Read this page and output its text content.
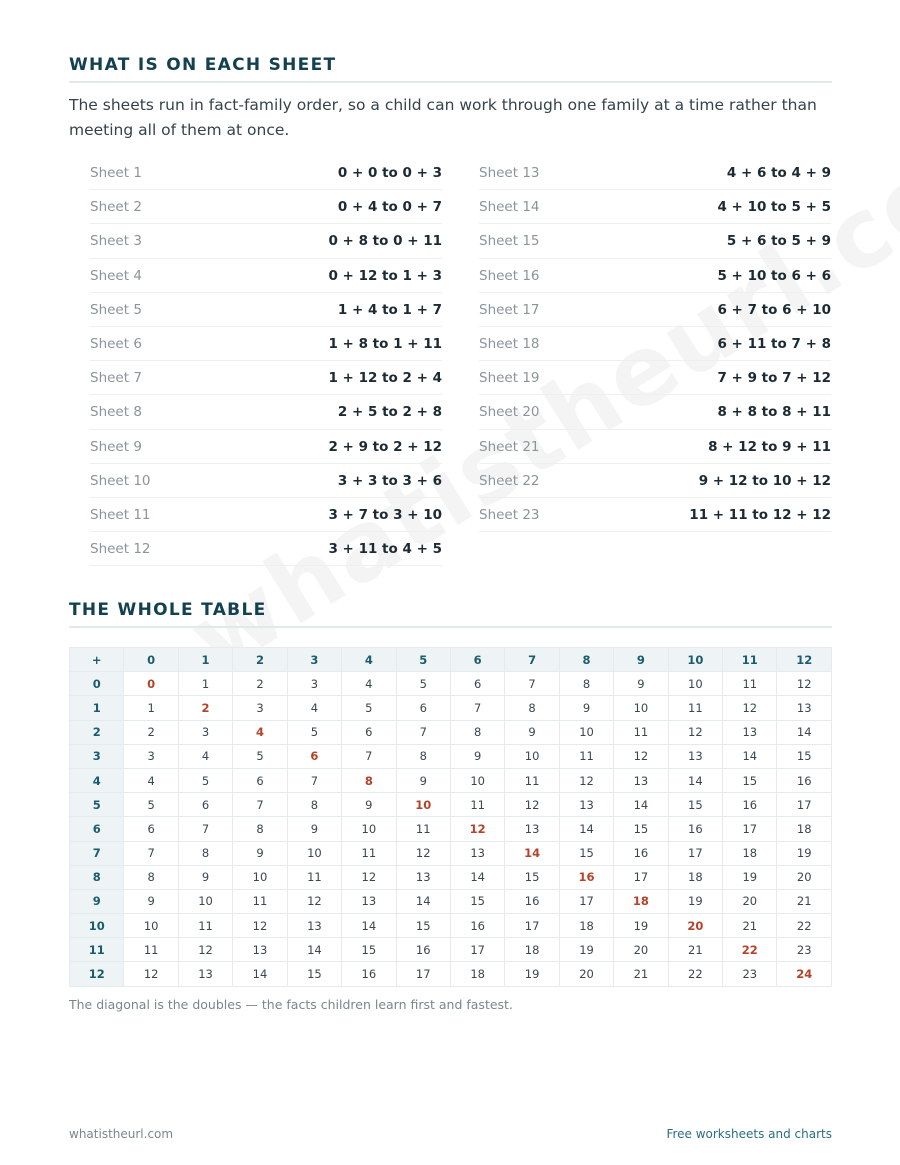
WHAT IS ON EACH SHEET

The sheets run in fact-family order, so a child can work through one family at a time rather than meeting all of them at once.

Sheet 1	0 + 0 to 0 + 3
Sheet 2	0 + 4 to 0 + 7
Sheet 3	0 + 8 to 0 + 11
Sheet 4	0 + 12 to 1 + 3
Sheet 5	1 + 4 to 1 + 7
Sheet 6	1 + 8 to 1 + 11
Sheet 7	1 + 12 to 2 + 4
Sheet 8	2 + 5 to 2 + 8
Sheet 9	2 + 9 to 2 + 12
Sheet 10	3 + 3 to 3 + 6
Sheet 11	3 + 7 to 3 + 10
Sheet 12	3 + 11 to 4 + 5
Sheet 13	4 + 6 to 4 + 9
Sheet 14	4 + 10 to 5 + 5
Sheet 15	5 + 6 to 5 + 9
Sheet 16	5 + 10 to 6 + 6
Sheet 17	6 + 7 to 6 + 10
Sheet 18	6 + 11 to 7 + 8
Sheet 19	7 + 9 to 7 + 12
Sheet 20	8 + 8 to 8 + 11
Sheet 21	8 + 12 to 9 + 11
Sheet 22	9 + 12 to 10 + 12
Sheet 23	11 + 11 to 12 + 12
THE WHOLE TABLE
+	0	1	2	3	4	5	6	7	8	9	10	11	12
0	0	1	2	3	4	5	6	7	8	9	10	11	12
1	1	2	3	4	5	6	7	8	9	10	11	12	13
2	2	3	4	5	6	7	8	9	10	11	12	13	14
3	3	4	5	6	7	8	9	10	11	12	13	14	15
4	4	5	6	7	8	9	10	11	12	13	14	15	16
5	5	6	7	8	9	10	11	12	13	14	15	16	17
6	6	7	8	9	10	11	12	13	14	15	16	17	18
7	7	8	9	10	11	12	13	14	15	16	17	18	19
8	8	9	10	11	12	13	14	15	16	17	18	19	20
9	9	10	11	12	13	14	15	16	17	18	19	20	21
10	10	11	12	13	14	15	16	17	18	19	20	21	22
11	11	12	13	14	15	16	17	18	19	20	21	22	23
12	12	13	14	15	16	17	18	19	20	21	22	23	24

The diagonal is the doubles — the facts children learn first and fastest.

whatistheurl.com	Free worksheets and charts
